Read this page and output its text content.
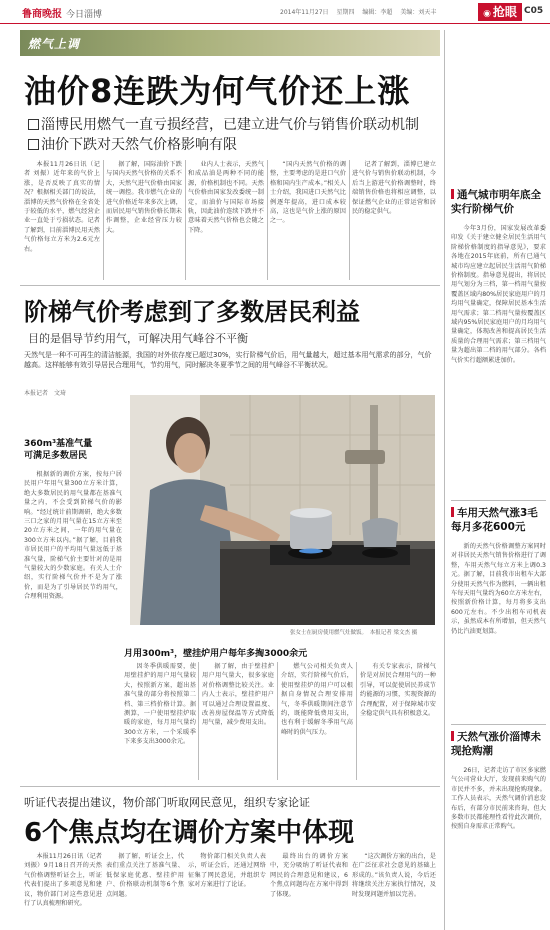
鲁商晚报 今日淄博	2014年11月27日 星期四 编辑：李超 美编：刘天丰	◉ 抢眼 C05
燃气上调
油价8连跌为何气价还上涨
淄博民用燃气一直亏损经营，已建立进气价与销售价联动机制
油价下跌对天然气价格影响有限

本报11月26日讯（记者 刘振）近年来的气价上涨，是否反映了真实的情况？根据相关部门的说法，淄博的天然气价格在全省处于较低的水平，燃气经营企业一直处于亏损状态。记者了解到，目前淄博民用天然气价格每立方米为2.6元左右。

据了解，国际油价下跌与国内天然气价格的关系不大，天然气进气价格由国家统一调控。我市燃气企业的进气价格近年来多次上调，而居民用气销售价格长期未作调整，企业经营压力较大。

业内人士表示，天然气和成品油是两种不同的能源，价格机制也不同。天然气价格由国家发改委统一制定，而油价与国际市场接轨，因此油价连续下跌并不意味着天然气价格也会随之下降。

“国内天然气价格的调整，主要考虑的是进口气价格和国内生产成本。”相关人士介绍，我国进口天然气比例逐年提高，进口成本较高，这也是气价上涨的原因之一。

记者了解到，淄博已建立进气价与销售价联动机制，今后当上游进气价格调整时，终端销售价格也将相应调整，以保证燃气企业的正常运营和居民的稳定供气。

阶梯气价考虑到了多数居民利益
目的是倡导节约用气，可解决用气峰谷不平衡

天然气是一种不可再生的清洁能源，我国的对外依存度已超过30%，实行阶梯气价后，用气量越大，超过基本用气需求的部分，气价越高。这样能够有效引导居民合理用气，节约用气，同时解决冬夏季节之间的用气峰谷不平衡状况。

本报记者 文琦
360m³基准气量
可满足多数居民

根据新的调价方案，按每户居民用户年用气量300立方米计算，绝大多数居民的用气量都在基准气量之内，不会受到阶梯气价的影响。“经过统计前期调研，绝大多数三口之家的月用气量在15立方米至20立方米之间，一年的用气量在300立方米以内。”据了解，目前我市居民用户的平均用气量远低于基准气量，阶梯气价主要针对的是用气量较大的少数家庭。有关人士介绍，实行阶梯气价并不是为了涨价，而是为了引导居民节约用气，合理利用资源。

张女士在厨房使用燃气灶做饭。　 本报记者 梁文杰 摄
月用300m³，壁挂炉用户每年多掏3000余元

因冬季供暖需要，使用壁挂炉的用户用气量较大，按照新方案，超出基准气量的部分将按照第二档、第三档价格计算。据测算，一户使用壁挂炉取暖的家庭，每月用气量约300立方米，一个采暖季下来多支出3000余元。

据了解，由于壁挂炉用户用气量大，很多家庭对价格调整比较关注。业内人士表示，壁挂炉用户可以通过合理设置温度、改善房屋保温等方式降低用气量，减少费用支出。

燃气公司相关负责人介绍，实行阶梯气价后，使用壁挂炉的用户可以根据自身情况合理安排用气，冬季供暖期间注意节约，既能降低费用支出，也有利于缓解冬季用气高峰时的供气压力。

有关专家表示，阶梯气价是对居民合理用气的一种引导，可以促使居民养成节约能源的习惯，实现资源的合理配置，对于保障城市安全稳定供气具有积极意义。

听证代表提出建议，物价部门听取网民意见，组织专家论证
6个焦点均在调价方案中体现

本报11月26日讯（记者 刘振）9月18日召开的天然气价格调整听证会上，听证代表们提出了多项意见和建议，物价部门对这些意见进行了认真梳理和研究。

据了解，听证会上，代表们重点关注了基准气量、低保家庭优惠、壁挂炉用户、价格联动机制等6个焦点问题。

物价部门相关负责人表示，听证会后，还通过网络征集了网民意见，并组织专家对方案进行了论证。

最终出台的调价方案中，充分吸纳了听证代表和网民的合理意见和建议，6个焦点问题均在方案中得到了体现。

“这次调价方案的出台，是在广泛征求社会意见的基础上形成的。”该负责人说，今后还将继续关注方案执行情况，及时发现问题并加以完善。

通气城市明年底全实行阶梯气价

今年3月份，国家发展改革委印发《关于建立健全居民生活用气阶梯价格制度的指导意见》，要求各地在2015年底前，所有已通气城市均应建立起居民生活用气阶梯价格制度。指导意见提出，将居民用气划分为三档，第一档用气量按覆盖区域内80%居民家庭用户的月均用气量确定，保障居民基本生活用气需求；第二档用气量按覆盖区域内95%居民家庭用户的月均用气量确定，体现改善和提高居民生活质量的合理用气需求；第三档用气量为超出第二档的用气部分。各档气价实行超额累进加价。

车用天然气涨3毛每月多花600元

新的天然气价格调整方案同时对非居民天然气销售价格进行了调整，车用天然气每立方米上调0.3元。据了解，目前我市出租车大部分使用天然气作为燃料，一辆出租车每天用气量约为60立方米左右，按照新价格计算，每月将多支出600元左右。不少出租车司机表示，虽然成本有所增加，但天然气仍比汽油更划算。

天然气涨价淄博未现抢购潮

26日，记者走访了市区多家燃气公司营业大厅，发现前来购气的市民并不多，并未出现抢购现象。工作人员表示，天然气调价消息发布后，有部分市民前来咨询，但大多数市民都能理性看待此次调价，按照自身需求正常购气。
